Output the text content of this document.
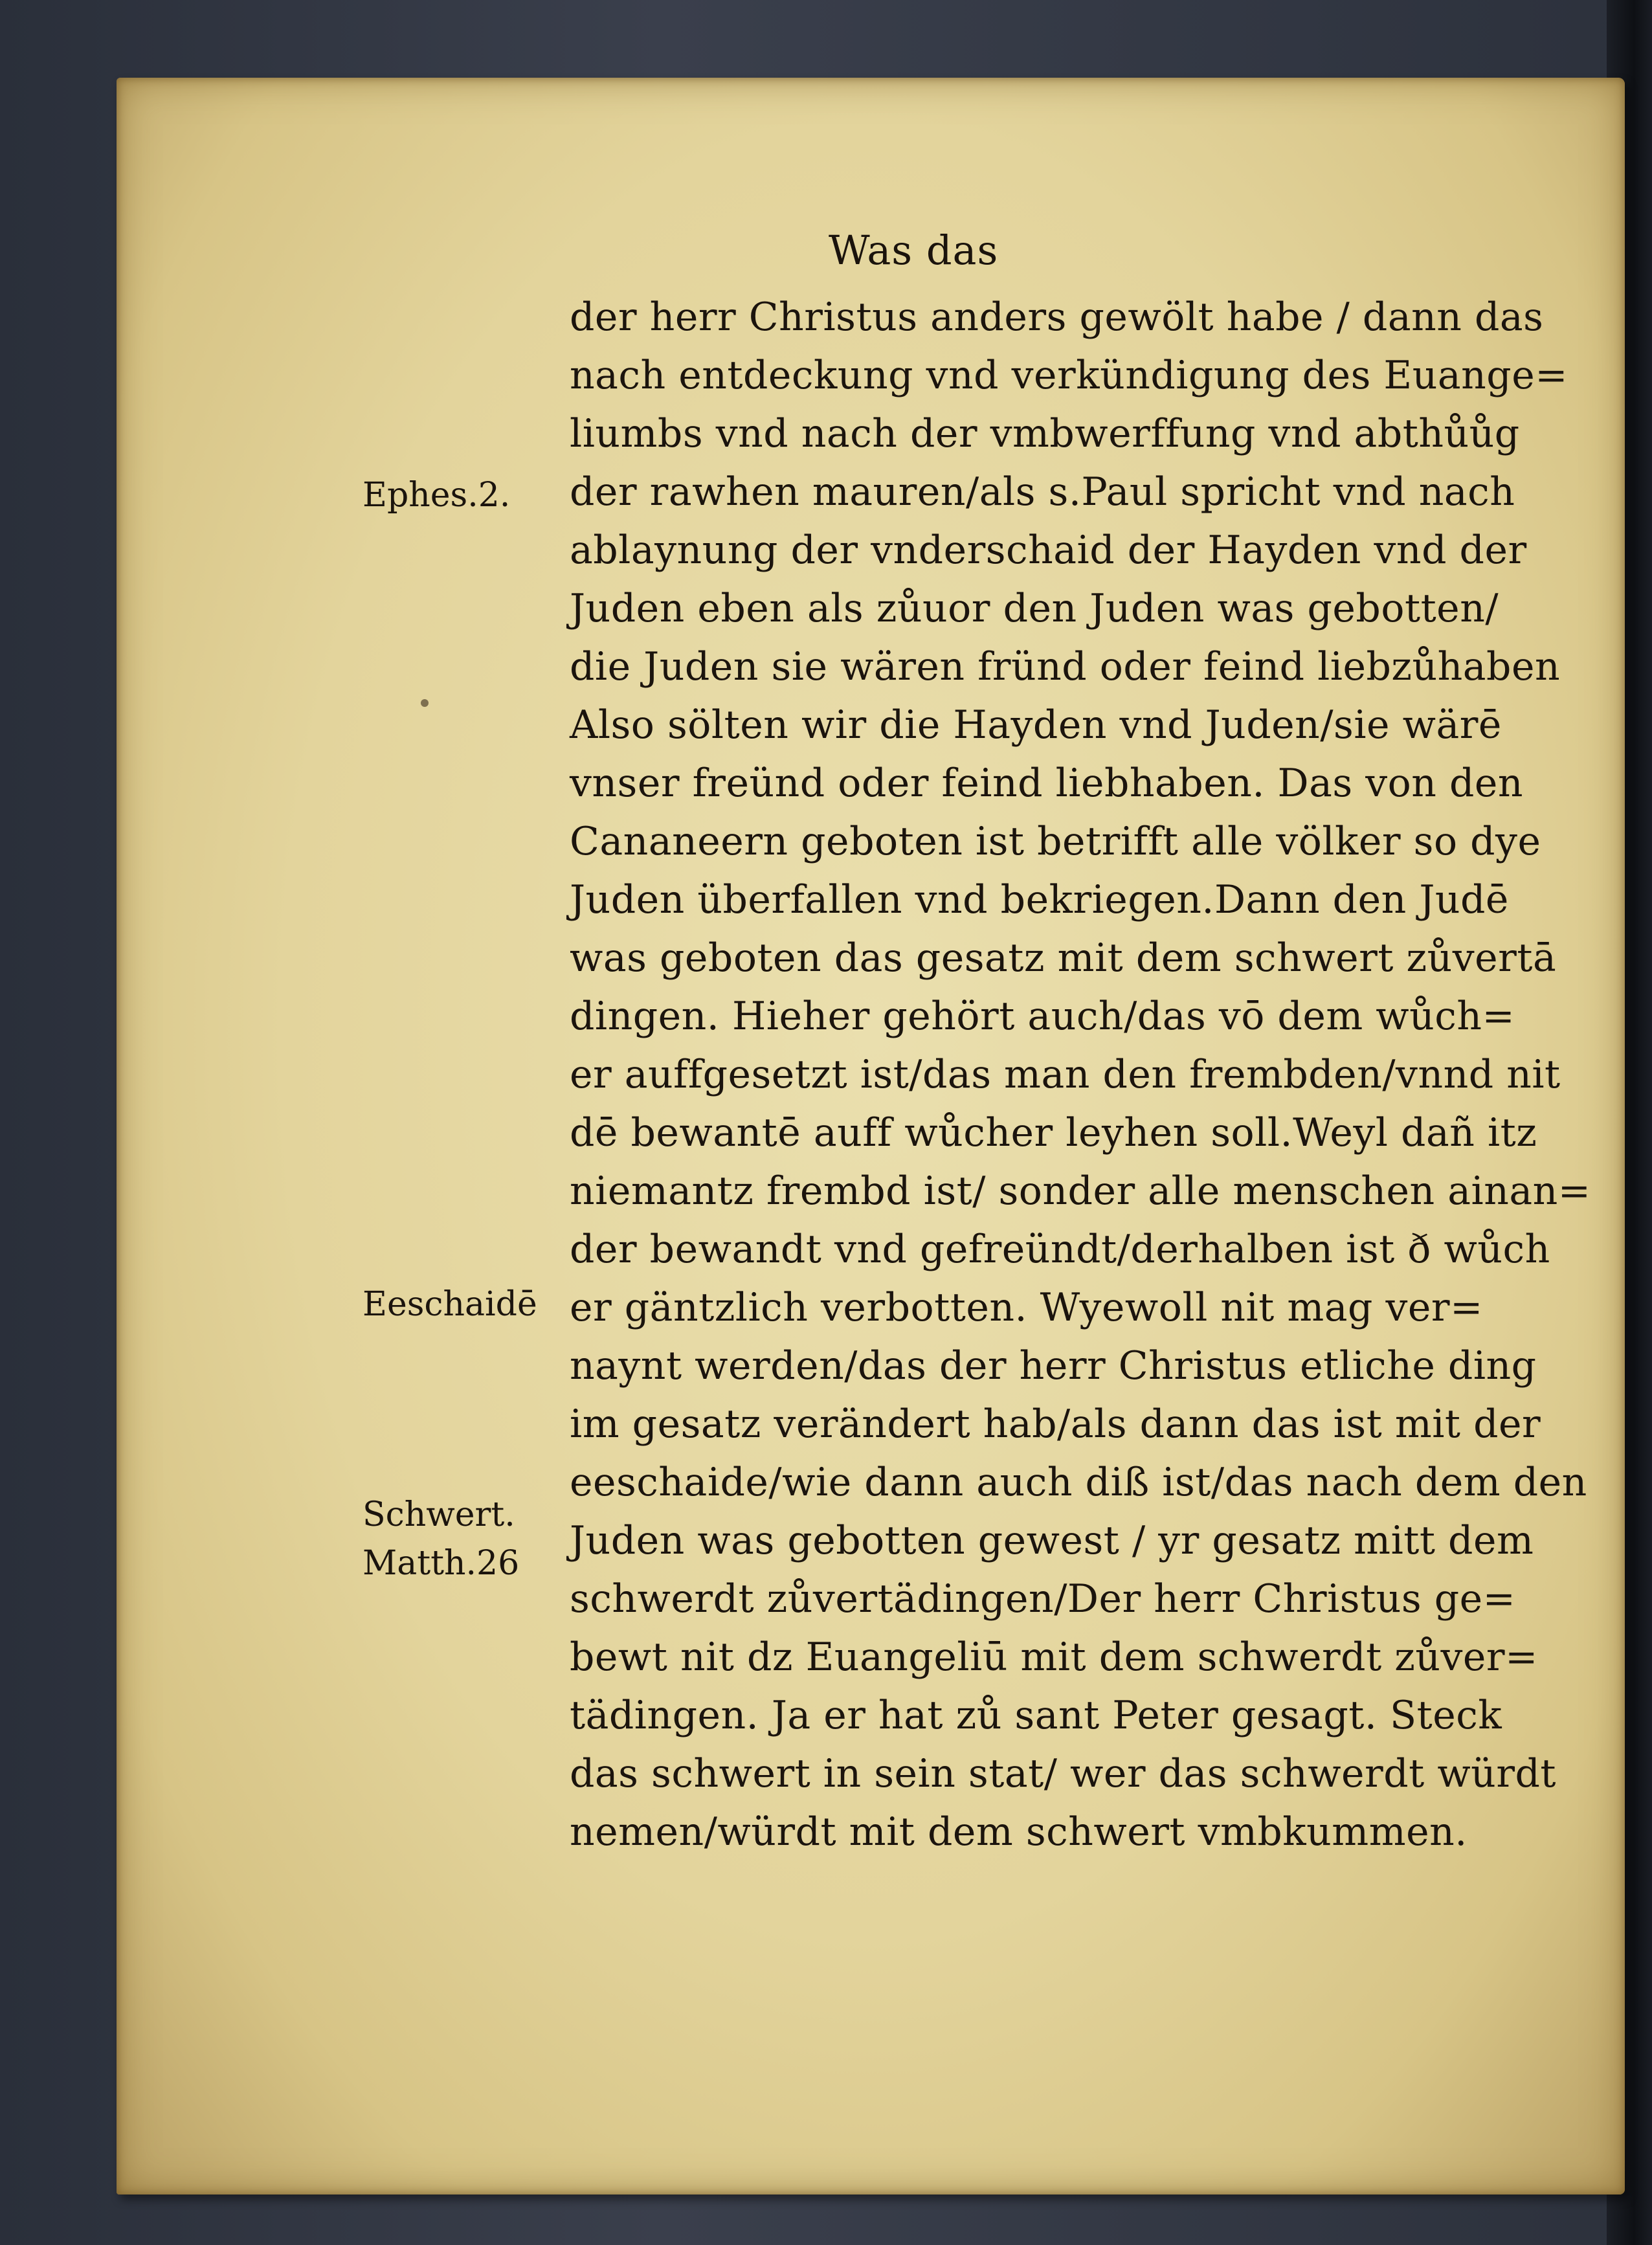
Was das
der herr Christus anders gewölt habe / dann das
nach entdeckung vnd verkündigung des Euange=
liumbs vnd nach der vmbwerffung vnd abthůůg
der rawhen mauren/als s.Paul spricht vnd nach
ablaynung der vnderschaid der Hayden vnd der
Juden eben als zůuor den Juden was gebotten/
die Juden sie wären fründ oder feind liebzůhaben
Also sölten wir die Hayden vnd Juden/sie wärē
vnser freünd oder feind liebhaben. Das von den
Cananeern geboten ist betrifft alle völker so dye
Juden überfallen vnd bekriegen.Dann den Judē
was geboten das gesatz mit dem schwert zůvertā
dingen. Hieher gehört auch/das vō dem wůch=
er auffgesetzt ist/das man den frembden/vnnd nit
dē bewantē auff wůcher leyhen soll.Weyl dañ itz
niemantz frembd ist/ sonder alle menschen ainan=
der bewandt vnd gefreündt/derhalben ist ð wůch
er gäntzlich verbotten. Wyewoll nit mag ver=
naynt werden/das der herr Christus etliche ding
im gesatz verändert hab/als dann das ist mit der
eeschaide/wie dann auch diß ist/das nach dem den
Juden was gebotten gewest / yr gesatz mitt dem
schwerdt zůvertädingen/Der herr Christus ge=
bewt nit dz Euangeliū mit dem schwerdt zůver=
tädingen. Ja er hat zů sant Peter gesagt. Steck
das schwert in sein stat/ wer das schwerdt würdt
nemen/würdt mit dem schwert vmbkummen.
Ephes.2.
Eeschaidē
Schwert.
Matth.26
